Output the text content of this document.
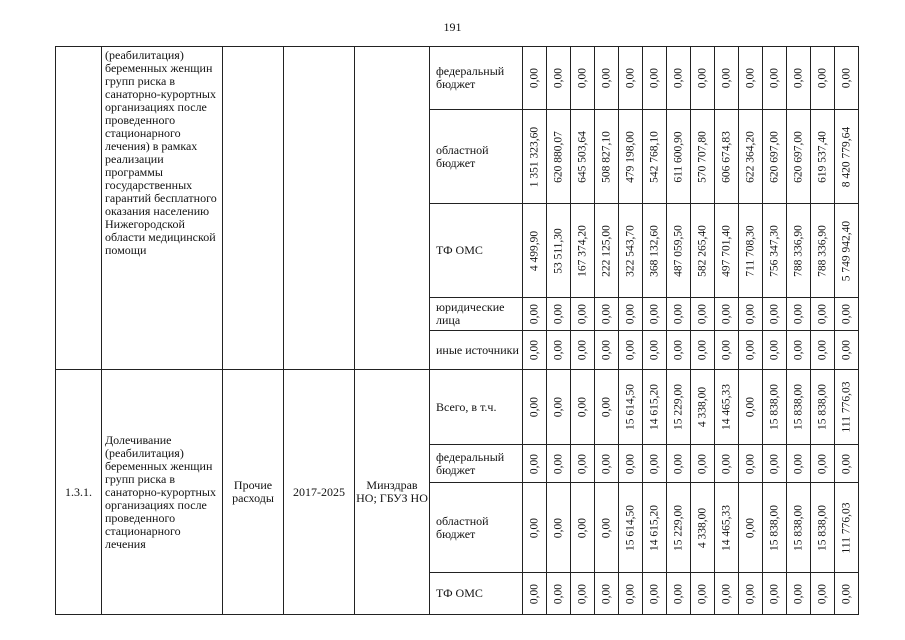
191
	(реабилитация) беременных женщин групп риска в санаторно-курортных организациях после проведенного стационарного лечения) в рамках реализации программы государственных гарантий бесплатного оказания населению Нижегородской области медицинской помощи				федеральный бюджет	0,00	0,00	0,00	0,00	0,00	0,00	0,00	0,00	0,00	0,00	0,00	0,00	0,00	0,00

					областной бюджет	1 351 323,60	620 880,07	645 503,64	508 827,10	479 198,00	542 768,10	611 600,90	570 707,80	606 674,83	622 364,20	620 697,00	620 697,00	619 537,40	8 420 779,64

					ТФ ОМС	4 499,90	53 511,30	167 374,20	222 125,00	322 543,70	368 132,60	487 059,50	582 265,40	497 701,40	711 708,30	756 347,30	788 336,90	788 336,90	5 749 942,40

					юридические лица	0,00	0,00	0,00	0,00	0,00	0,00	0,00	0,00	0,00	0,00	0,00	0,00	0,00	0,00

					иные источники	0,00	0,00	0,00	0,00	0,00	0,00	0,00	0,00	0,00	0,00	0,00	0,00	0,00	0,00

1.3.1.	Долечивание (реабилитация) беременных женщин групп риска в санаторно-курортных организациях после проведенного стационарного лечения	Прочие расходы	2017-2025	Минздрав НО; ГБУЗ НО	Всего, в т.ч.	0,00	0,00	0,00	0,00	15 614,50	14 615,20	15 229,00	4 338,00	14 465,33	0,00	15 838,00	15 838,00	15 838,00	111 776,03

					федеральный бюджет	0,00	0,00	0,00	0,00	0,00	0,00	0,00	0,00	0,00	0,00	0,00	0,00	0,00	0,00

					областной бюджет	0,00	0,00	0,00	0,00	15 614,50	14 615,20	15 229,00	4 338,00	14 465,33	0,00	15 838,00	15 838,00	15 838,00	111 776,03

					ТФ ОМС	0,00	0,00	0,00	0,00	0,00	0,00	0,00	0,00	0,00	0,00	0,00	0,00	0,00	0,00
